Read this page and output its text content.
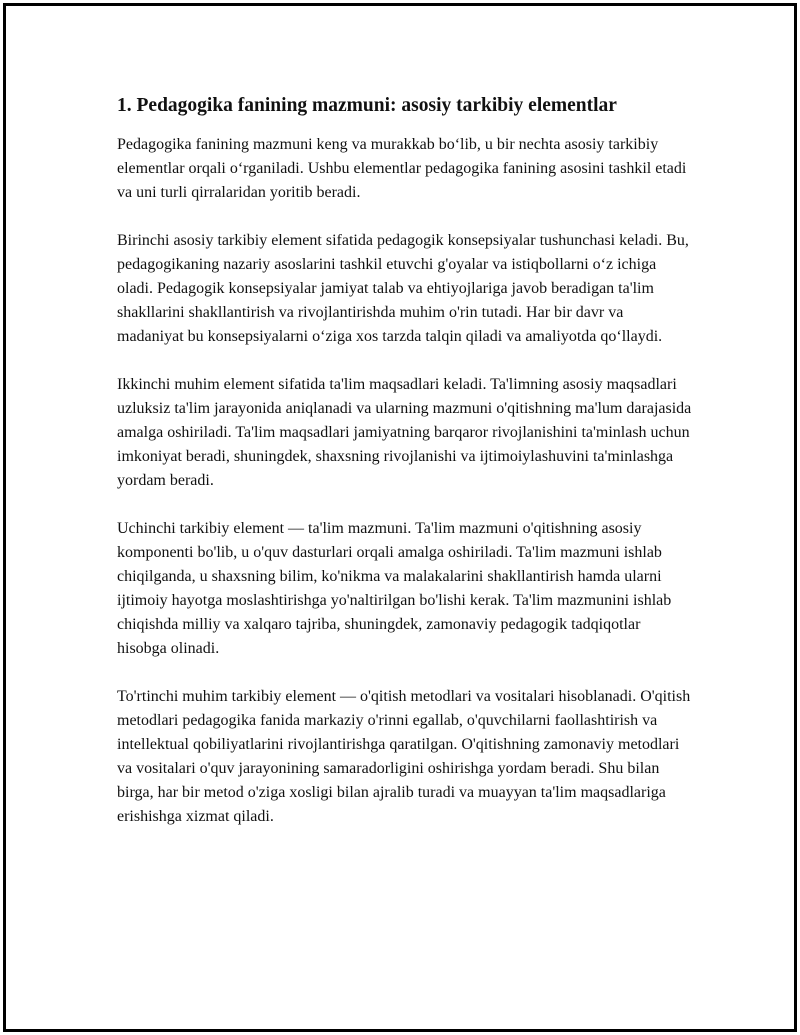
1. Pedagogika fanining mazmuni: asosiy tarkibiy elementlar

Pedagogika fanining mazmuni keng va murakkab bo‘lib, u bir nechta asosiy tarkibiy elementlar orqali o‘rganiladi. Ushbu elementlar pedagogika fanining asosini tashkil etadi va uni turli qirralaridan yoritib beradi.

Birinchi asosiy tarkibiy element sifatida pedagogik konsepsiyalar tushunchasi keladi. Bu, pedagogikaning nazariy asoslarini tashkil etuvchi g'oyalar va istiqbollarni o‘z ichiga oladi. Pedagogik konsepsiyalar jamiyat talab va ehtiyojlariga javob beradigan ta'lim shakllarini shakllantirish va rivojlantirishda muhim o'rin tutadi. Har bir davr va madaniyat bu konsepsiyalarni o‘ziga xos tarzda talqin qiladi va amaliyotda qo‘llaydi.

Ikkinchi muhim element sifatida ta'lim maqsadlari keladi. Ta'limning asosiy maqsadlari uzluksiz ta'lim jarayonida aniqlanadi va ularning mazmuni o'qitishning ma'lum darajasida amalga oshiriladi. Ta'lim maqsadlari jamiyatning barqaror rivojlanishini ta'minlash uchun imkoniyat beradi, shuningdek, shaxsning rivojlanishi va ijtimoiylashuvini ta'minlashga yordam beradi.

Uchinchi tarkibiy element — ta'lim mazmuni. Ta'lim mazmuni o'qitishning asosiy komponenti bo'lib, u o'quv dasturlari orqali amalga oshiriladi. Ta'lim mazmuni ishlab chiqilganda, u shaxsning bilim, ko'nikma va malakalarini shakllantirish hamda ularni ijtimoiy hayotga moslashtirishga yo'naltirilgan bo'lishi kerak. Ta'lim mazmunini ishlab chiqishda milliy va xalqaro tajriba, shuningdek, zamonaviy pedagogik tadqiqotlar hisobga olinadi.

To'rtinchi muhim tarkibiy element — o'qitish metodlari va vositalari hisoblanadi. O'qitish metodlari pedagogika fanida markaziy o'rinni egallab, o'quvchilarni faollashtirish va intellektual qobiliyatlarini rivojlantirishga qaratilgan. O'qitishning zamonaviy metodlari va vositalari o'quv jarayonining samaradorligini oshirishga yordam beradi. Shu bilan birga, har bir metod o'ziga xosligi bilan ajralib turadi va muayyan ta'lim maqsadlariga erishishga xizmat qiladi.
